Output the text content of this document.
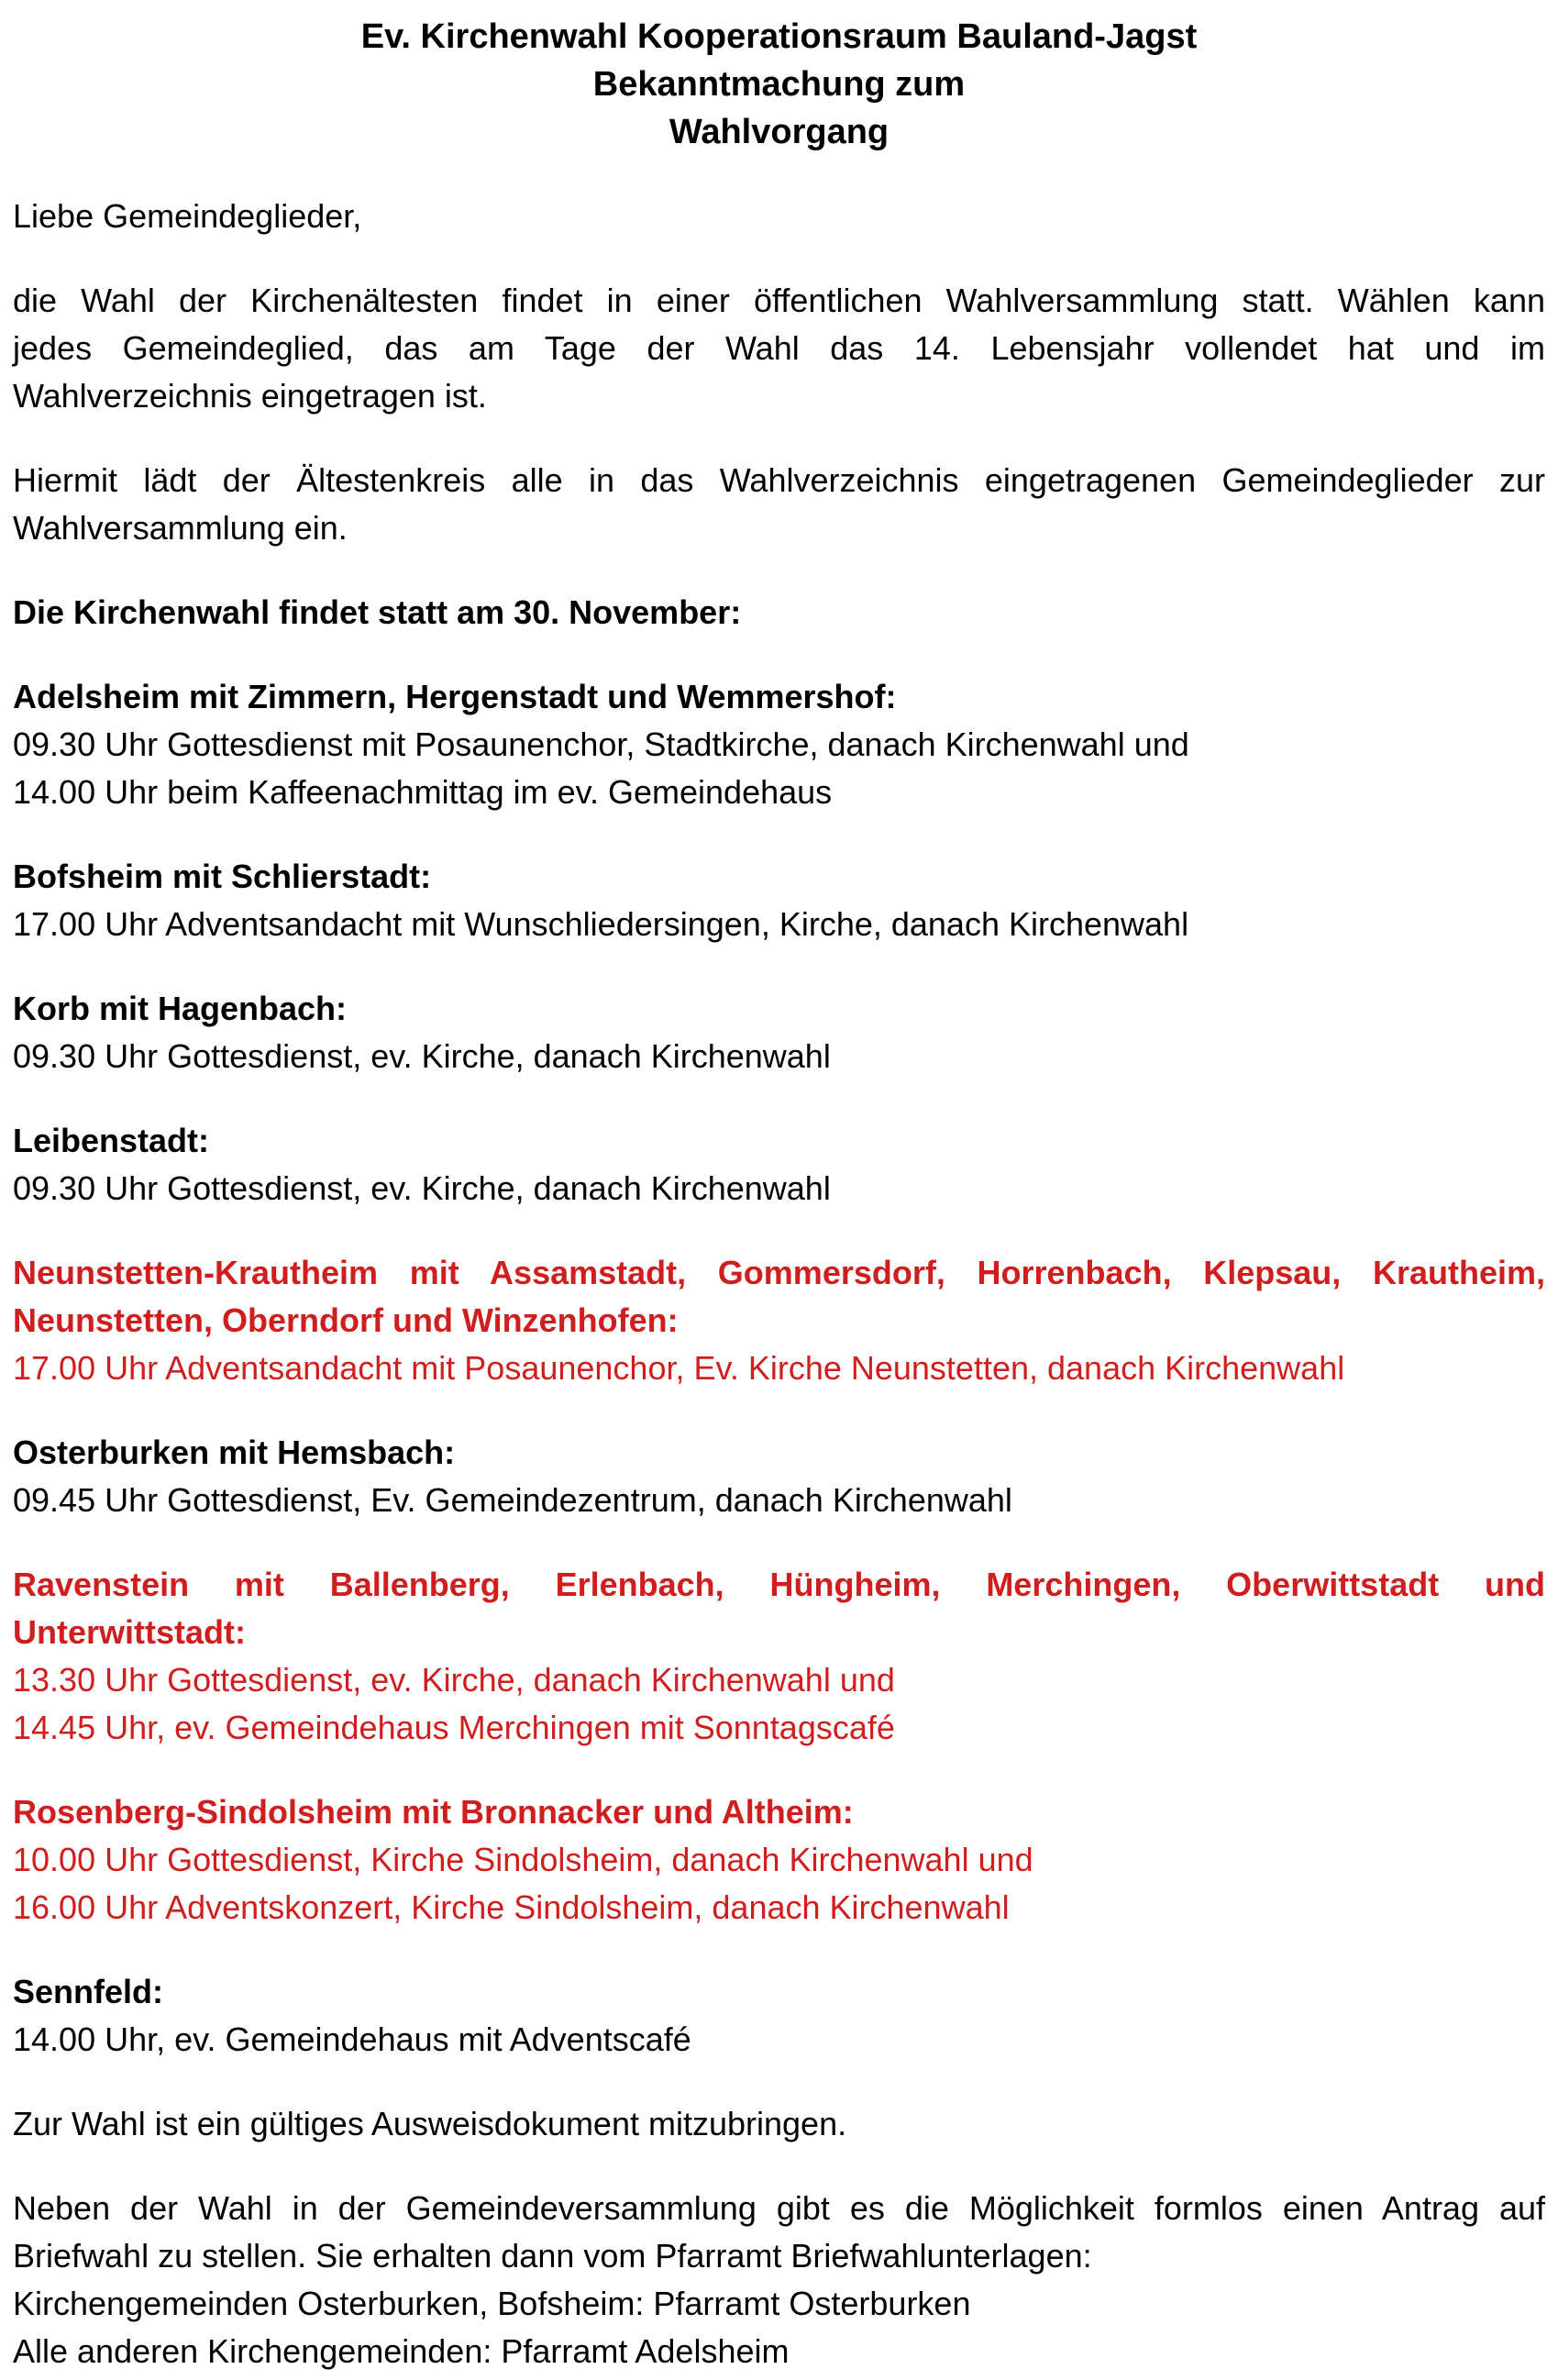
Ev. Kirchenwahl Kooperationsraum Bauland-Jagst
Bekanntmachung zum
Wahlvorgang
Liebe Gemeindeglieder,
die Wahl der Kirchenältesten findet in einer öffentlichen Wahlversammlung statt. Wählen kann
jedes Gemeindeglied, das am Tage der Wahl das 14. Lebensjahr vollendet hat und im
Wahlverzeichnis eingetragen ist.
Hiermit lädt der Ältestenkreis alle in das Wahlverzeichnis eingetragenen Gemeindeglieder zur
Wahlversammlung ein.
Die Kirchenwahl findet statt am 30. November:
Adelsheim mit Zimmern, Hergenstadt und Wemmershof:
09.30 Uhr Gottesdienst mit Posaunenchor, Stadtkirche, danach Kirchenwahl und
14.00 Uhr beim Kaffeenachmittag im ev. Gemeindehaus
Bofsheim mit Schlierstadt:
17.00 Uhr Adventsandacht mit Wunschliedersingen, Kirche, danach Kirchenwahl
Korb mit Hagenbach:
09.30 Uhr Gottesdienst, ev. Kirche, danach Kirchenwahl
Leibenstadt:
09.30 Uhr Gottesdienst, ev. Kirche, danach Kirchenwahl
Neunstetten-Krautheim mit Assamstadt, Gommersdorf, Horrenbach, Klepsau, Krautheim,
Neunstetten, Oberndorf und Winzenhofen:
17.00 Uhr Adventsandacht mit Posaunenchor, Ev. Kirche Neunstetten, danach Kirchenwahl
Osterburken mit Hemsbach:
09.45 Uhr Gottesdienst, Ev. Gemeindezentrum, danach Kirchenwahl
Ravenstein mit Ballenberg, Erlenbach, Hüngheim, Merchingen, Oberwittstadt und
Unterwittstadt:
13.30 Uhr Gottesdienst, ev. Kirche, danach Kirchenwahl und
14.45 Uhr, ev. Gemeindehaus Merchingen mit Sonntagscafé
Rosenberg-Sindolsheim mit Bronnacker und Altheim:
10.00 Uhr Gottesdienst, Kirche Sindolsheim, danach Kirchenwahl und
16.00 Uhr Adventskonzert, Kirche Sindolsheim, danach Kirchenwahl
Sennfeld:
14.00 Uhr, ev. Gemeindehaus mit Adventscafé
Zur Wahl ist ein gültiges Ausweisdokument mitzubringen.
Neben der Wahl in der Gemeindeversammlung gibt es die Möglichkeit formlos einen Antrag auf
Briefwahl zu stellen. Sie erhalten dann vom Pfarramt Briefwahlunterlagen:
Kirchengemeinden Osterburken, Bofsheim: Pfarramt Osterburken
Alle anderen Kirchengemeinden: Pfarramt Adelsheim
